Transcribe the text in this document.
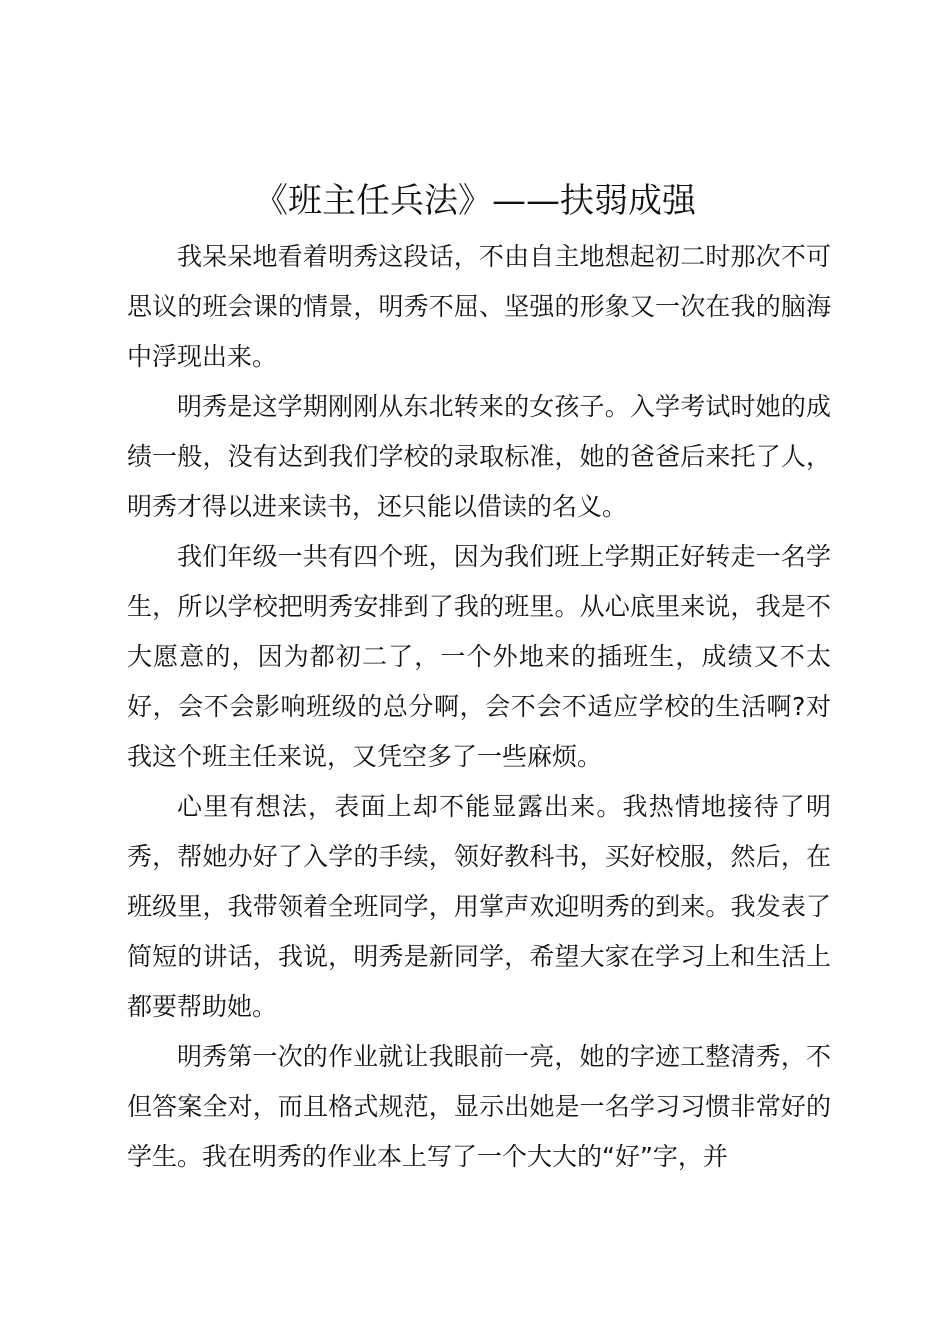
《班主任兵法》——扶弱成强

我呆呆地看着明秀这段话，不由自主地想起初二时那次不可思议的班会课的情景，明秀不屈、坚强的形象又一次在我的脑海中浮现出来。

明秀是这学期刚刚从东北转来的女孩子。入学考试时她的成绩一般，没有达到我们学校的录取标准，她的爸爸后来托了人，明秀才得以进来读书，还只能以借读的名义。

我们年级一共有四个班，因为我们班上学期正好转走一名学生，所以学校把明秀安排到了我的班里。从心底里来说，我是不大愿意的，因为都初二了，一个外地来的插班生，成绩又不太好，会不会影响班级的总分啊，会不会不适应学校的生活啊?对我这个班主任来说，又凭空多了一些麻烦。

心里有想法，表面上却不能显露出来。我热情地接待了明秀，帮她办好了入学的手续，领好教科书，买好校服，然后，在班级里，我带领着全班同学，用掌声欢迎明秀的到来。我发表了简短的讲话，我说，明秀是新同学，希望大家在学习上和生活上都要帮助她。

明秀第一次的作业就让我眼前一亮，她的字迹工整清秀，不但答案全对，而且格式规范，显示出她是一名学习习惯非常好的学生。我在明秀的作业本上写了一个大大的“好”字，并
